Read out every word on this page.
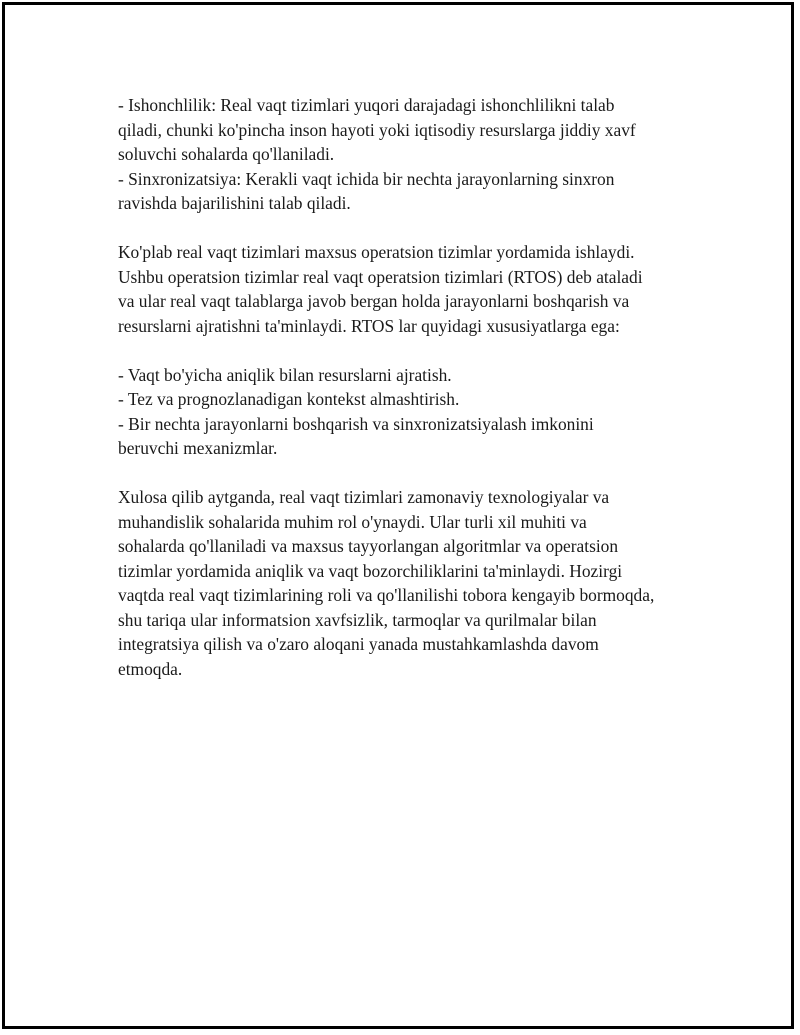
- Ishonchlilik: Real vaqt tizimlari yuqori darajadagi ishonchlilikni talab
qiladi, chunki ko'pincha inson hayoti yoki iqtisodiy resurslarga jiddiy xavf
soluvchi sohalarda qo'llaniladi.
- Sinxronizatsiya: Kerakli vaqt ichida bir nechta jarayonlarning sinxron
ravishda bajarilishini talab qiladi.
Ko'plab real vaqt tizimlari maxsus operatsion tizimlar yordamida ishlaydi.
Ushbu operatsion tizimlar real vaqt operatsion tizimlari (RTOS) deb ataladi
va ular real vaqt talablarga javob bergan holda jarayonlarni boshqarish va
resurslarni ajratishni ta'minlaydi. RTOS lar quyidagi xususiyatlarga ega:
- Vaqt bo'yicha aniqlik bilan resurslarni ajratish.
- Tez va prognozlanadigan kontekst almashtirish.
- Bir nechta jarayonlarni boshqarish va sinxronizatsiyalash imkonini
beruvchi mexanizmlar.
Xulosa qilib aytganda, real vaqt tizimlari zamonaviy texnologiyalar va
muhandislik sohalarida muhim rol o'ynaydi. Ular turli xil muhiti va
sohalarda qo'llaniladi va maxsus tayyorlangan algoritmlar va operatsion
tizimlar yordamida aniqlik va vaqt bozorchiliklarini ta'minlaydi. Hozirgi
vaqtda real vaqt tizimlarining roli va qo'llanilishi tobora kengayib bormoqda,
shu tariqa ular informatsion xavfsizlik, tarmoqlar va qurilmalar bilan
integratsiya qilish va o'zaro aloqani yanada mustahkamlashda davom
etmoqda.
